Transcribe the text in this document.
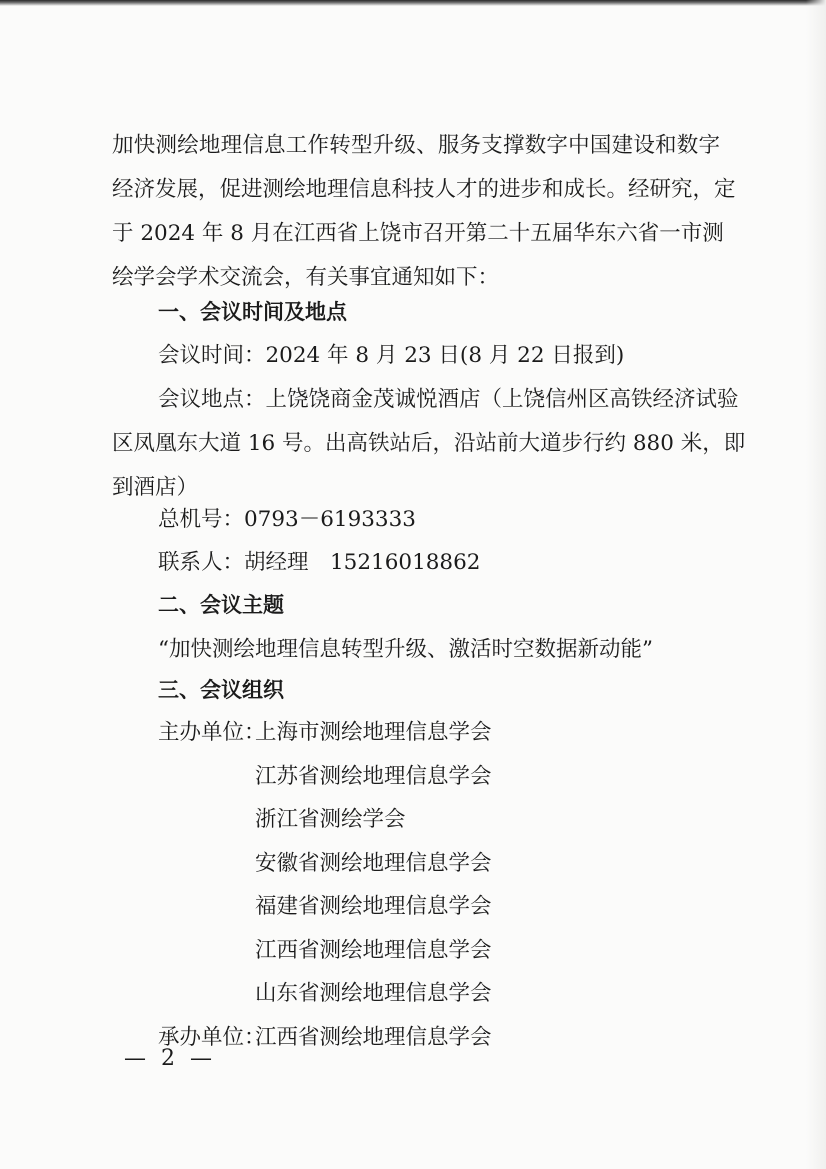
加快测绘地理信息工作转型升级、服务支撑数字中国建设和数字
经济发展，促进测绘地理信息科技人才的进步和成长。经研究，定
于 2024 年 8 月在江西省上饶市召开第二十五届华东六省一市测
绘学会学术交流会，有关事宜通知如下：
一、会议时间及地点
会议时间：2024 年 8 月 23 日(8 月 22 日报到)
会议地点：上饶饶商金茂诚悦酒店（上饶信州区高铁经济试验
区凤凰东大道 16 号。出高铁站后，沿站前大道步行约 880 米，即
到酒店）
总机号：0793－6193333
联系人：胡经理　15216018862
二、会议主题
“加快测绘地理信息转型升级、激活时空数据新动能”
三、会议组织
主办单位：
上海市测绘地理信息学会
江苏省测绘地理信息学会
浙江省测绘学会
安徽省测绘地理信息学会
福建省测绘地理信息学会
江西省测绘地理信息学会
山东省测绘地理信息学会
承办单位：
江西省测绘地理信息学会
— 2 —
